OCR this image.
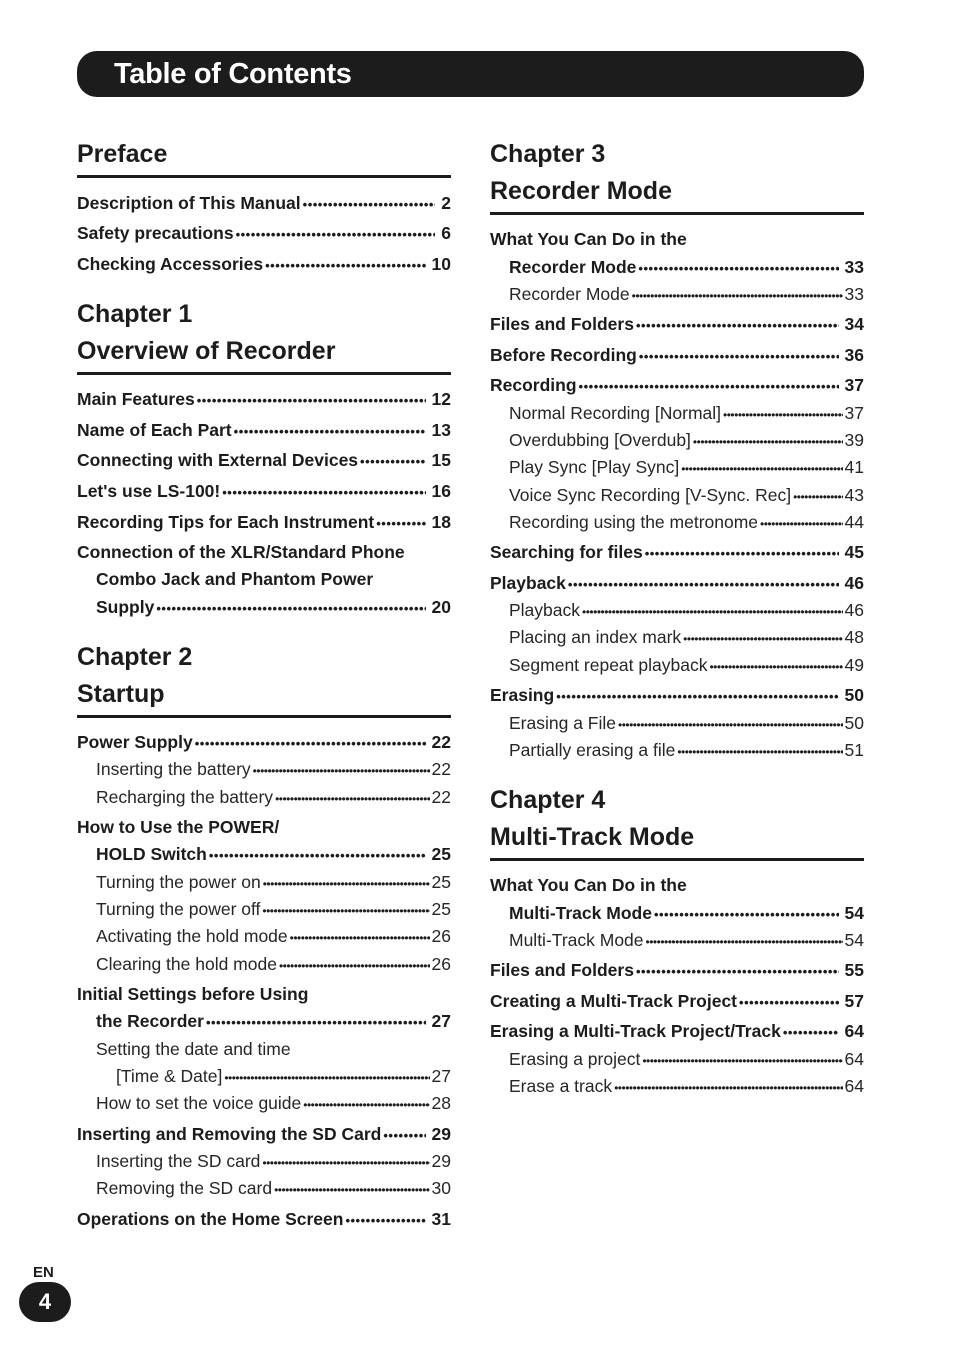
Table of Contents
Preface
Description of This Manual •••••	2
Safety precautions •••••	6
Checking Accessories •••••	10
Chapter 1
Overview of Recorder
Main Features •••••	12
Name of Each Part •••••	13
Connecting with External Devices •••••	15
Let's use LS-100! •••••	16
Recording Tips for Each Instrument •••••	18
Connection of the XLR/Standard Phone
Combo Jack and Phantom Power
Supply •••••	20
Chapter 2
Startup
Power Supply •••••	22
Inserting the battery •••••	22
Recharging the battery •••••	22
How to Use the POWER/
HOLD Switch •••••	25
Turning the power on •••••	25
Turning the power off •••••	25
Activating the hold mode •••••	26
Clearing the hold mode •••••	26
Initial Settings before Using
the Recorder •••••	27
Setting the date and time
[Time & Date] •••••	27
How to set the voice guide •••••	28
Inserting and Removing the SD Card •••••	29
Inserting the SD card •••••	29
Removing the SD card •••••	30
Operations on the Home Screen •••••	31
Chapter 3
Recorder Mode
What You Can Do in the
Recorder Mode •••••	33
Recorder Mode •••••	33
Files and Folders •••••	34
Before Recording •••••	36
Recording •••••	37
Normal Recording [Normal] •••••	37
Overdubbing [Overdub] •••••	39
Play Sync [Play Sync] •••••	41
Voice Sync Recording [V-Sync. Rec] •••••	43
Recording using the metronome •••••	44
Searching for files •••••	45
Playback •••••	46
Playback •••••	46
Placing an index mark •••••	48
Segment repeat playback •••••	49
Erasing •••••	50
Erasing a File •••••	50
Partially erasing a file •••••	51
Chapter 4
Multi-Track Mode
What You Can Do in the
Multi-Track Mode •••••	54
Multi-Track Mode •••••	54
Files and Folders •••••	55
Creating a Multi-Track Project •••••	57
Erasing a Multi-Track Project/Track •••••	64
Erasing a project •••••	64
Erase a track •••••	64
EN
4
